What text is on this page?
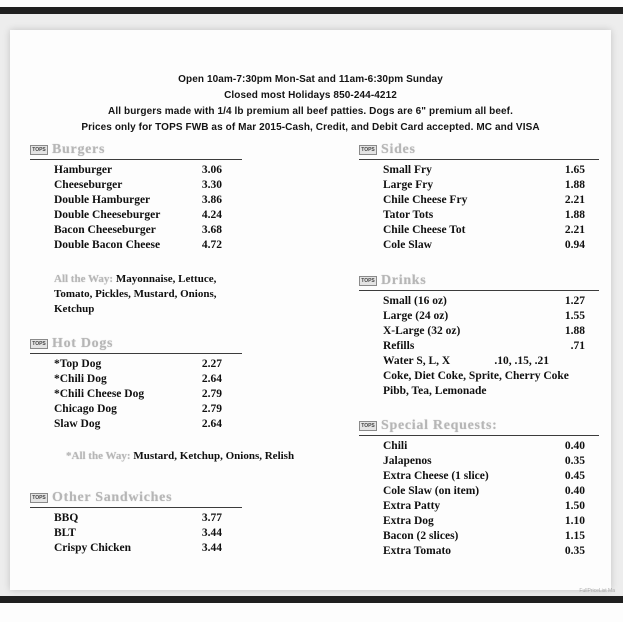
Open 10am-7:30pm Mon-Sat and 11am-6:30pm Sunday
Closed most Holidays 850-244-4212
All burgers made with 1/4 lb premium all beef patties. Dogs are 6" premium all beef.
Prices only for TOPS FWB as of Mar 2015-Cash, Credit, and Debit Card accepted. MC and VISA
TOPS Burgers
Hamburger	3.06
Cheeseburger	3.30
Double Hamburger	3.86
Double Cheeseburger	4.24
Bacon Cheeseburger	3.68
Double Bacon Cheese	4.72
All the Way: Mayonnaise, Lettuce, Tomato, Pickles, Mustard, Onions, Ketchup
TOPS Hot Dogs
*Top Dog	2.27
*Chili Dog	2.64
*Chili Cheese Dog	2.79
Chicago Dog	2.79
Slaw Dog	2.64
*All the Way: Mustard, Ketchup, Onions, Relish
TOPS Other Sandwiches
BBQ	3.77
BLT	3.44
Crispy Chicken	3.44
TOPS Sides
Small Fry	1.65
Large Fry	1.88
Chile Cheese Fry	2.21
Tator Tots	1.88
Chile Cheese Tot	2.21
Cole Slaw	0.94
TOPS Drinks
Small (16 oz)	1.27
Large (24 oz)	1.55
X-Large (32 oz)	1.88
Refills	.71
Water S, L, X	.10, .15, .21
Coke, Diet Coke, Sprite, Cherry Coke
Pibb, Tea, Lemonade
TOPS Special Requests:
Chili	0.40
Jalapenos	0.35
Extra Cheese (1 slice)	0.45
Cole Slaw (on item)	0.40
Extra Patty	1.50
Extra Dog	1.10
Bacon (2 slices)	1.15
Extra Tomato	0.35
FullPriceList Ma
